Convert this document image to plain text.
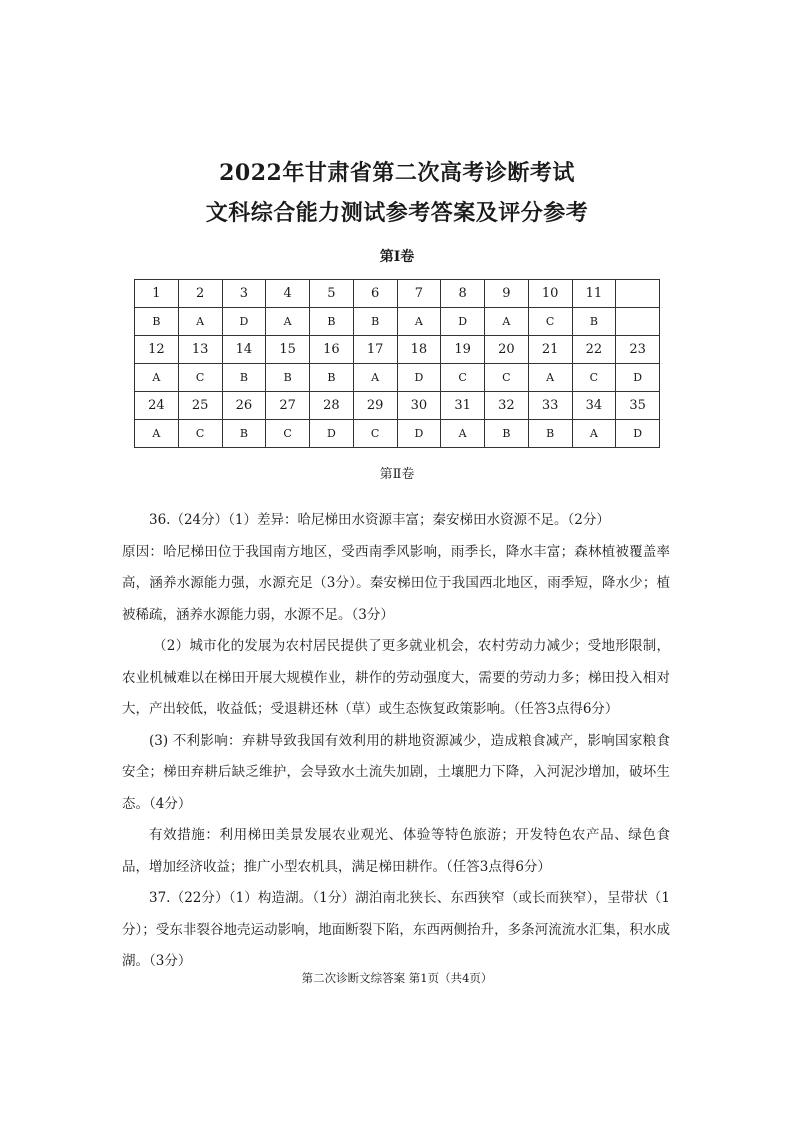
2022年甘肃省第二次高考诊断考试
文科综合能力测试参考答案及评分参考
第Ⅰ卷
1	2	3	4	5	6	7	8	9	10	11	
B	A	D	A	B	B	A	D	A	C	B	
12	13	14	15	16	17	18	19	20	21	22	23
A	C	B	B	B	A	D	C	C	A	C	D
24	25	26	27	28	29	30	31	32	33	34	35
A	C	B	C	D	C	D	A	B	B	A	D
第Ⅱ卷

36.（24分）（1）差异：哈尼梯田水资源丰富；秦安梯田水资源不足。（2分）

原因：哈尼梯田位于我国南方地区，受西南季风影响，雨季长，降水丰富；森林植被覆盖率高，涵养水源能力强，水源充足（3分）。秦安梯田位于我国西北地区，雨季短，降水少；植被稀疏，涵养水源能力弱，水源不足。（3分）

（2）城市化的发展为农村居民提供了更多就业机会，农村劳动力减少；受地形限制，农业机械难以在梯田开展大规模作业，耕作的劳动强度大，需要的劳动力多；梯田投入相对大，产出较低，收益低；受退耕还林（草）或生态恢复政策影响。（任答3点得6分）

(3) 不利影响：弃耕导致我国有效利用的耕地资源减少，造成粮食减产，影响国家粮食安全；梯田弃耕后缺乏维护，会导致水土流失加剧，土壤肥力下降，入河泥沙增加，破坏生态。（4分）

有效措施：利用梯田美景发展农业观光、体验等特色旅游；开发特色农产品、绿色食品，增加经济收益；推广小型农机具，满足梯田耕作。（任答3点得6分）

37.（22分）（1）构造湖。（1分）湖泊南北狭长、东西狭窄（或长而狭窄），呈带状（1分）；受东非裂谷地壳运动影响，地面断裂下陷，东西两侧抬升，多条河流流水汇集，积水成湖。（3分）

第二次诊断文综答案 第1页（共4页）
